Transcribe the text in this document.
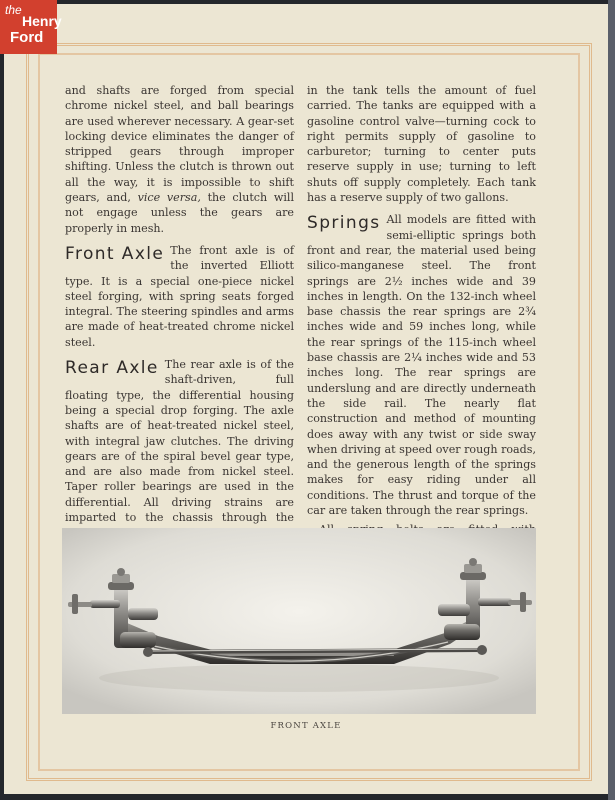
and shafts are forged from special chrome nickel steel, and ball bearings are used wherever necessary. A gear-set locking device eliminates the danger of stripped gears through improper shifting. Unless the clutch is thrown out all the way, it is impossible to shift gears, and, vice versa, the clutch will not engage unless the gears are properly in mesh.

Front Axle The front axle is of the inverted Elliott type. It is a special one-piece nickel steel forging, with spring seats forged integral. The steering spindles and arms are made of heat-treated chrome nickel steel.

Rear Axle The rear axle is of the shaft-driven, full floating type, the differential housing being a special drop forging. The axle shafts are of heat-treated nickel steel, with integral jaw clutches. The driving gears are of the spiral bevel gear type, and are also made from nickel steel. Taper roller bearings are used in the differential. All driving strains are imparted to the chassis through the

in the tank tells the amount of fuel carried. The tanks are equipped with a gasoline control valve—turning cock to right permits supply of gasoline to carburetor; turning to center puts reserve supply in use; turning to left shuts off supply completely. Each tank has a reserve supply of two gallons.

Springs All models are fitted with semi-elliptic springs both front and rear, the material used being silico-manganese steel. The front springs are 2½ inches wide and 39 inches in length. On the 132-inch wheel base chassis the rear springs are 2¾ inches wide and 59 inches long, while the rear springs of the 115-inch wheel base chassis are 2¼ inches wide and 53 inches long. The rear springs are underslung and are directly underneath the side rail. The nearly flat construction and method of mounting does away with any twist or side sway when driving at speed over rough roads, and the generous length of the springs makes for easy riding under all conditions. The thrust and torque of the car are taken through the rear springs.

FRONT AXLE
the
Henry
Ford
